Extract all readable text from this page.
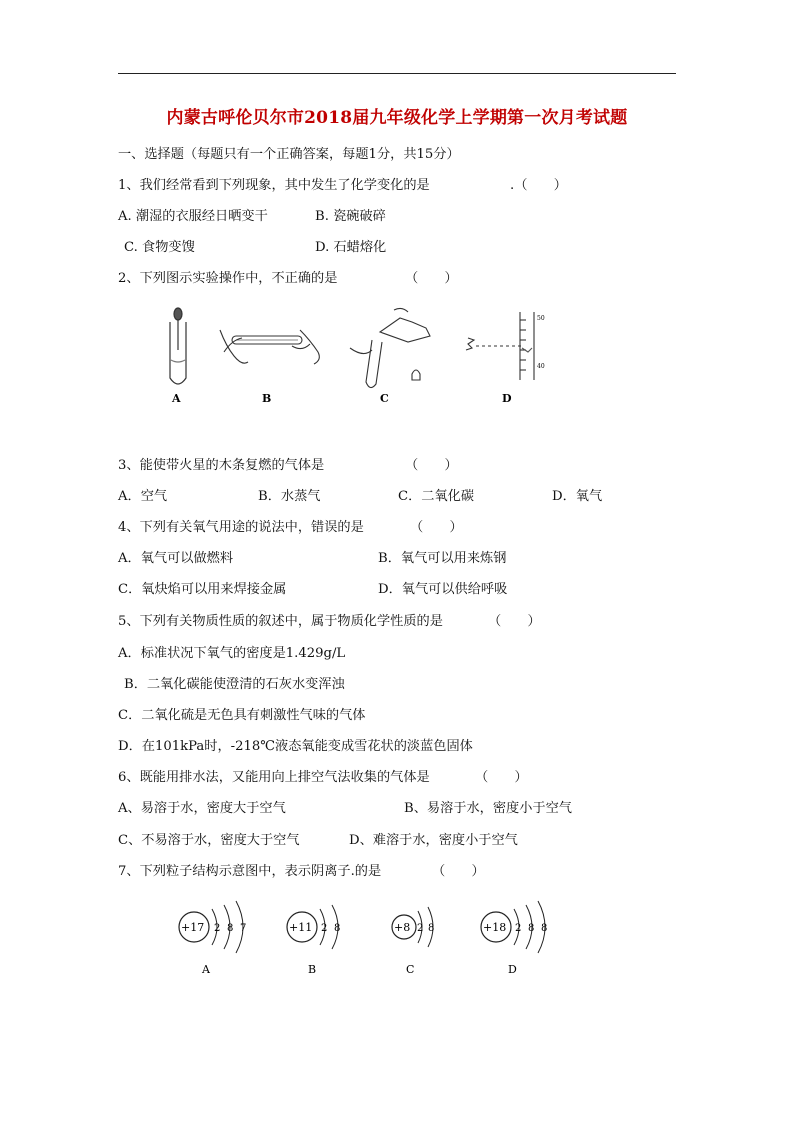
内蒙古呼伦贝尔市2018届九年级化学上学期第一次月考试题
一、选择题（每题只有一个正确答案，每题1分，共15分）
1、我们经常看到下列现象，其中发生了化学变化的是	.（　　）
A. 潮湿的衣服经日晒变干	B. 瓷碗破碎
C. 食物变馊	D. 石蜡熔化
2、下列图示实验操作中，不正确的是	（　　）
A	B	C
50
40
D
3、能使带火星的木条复燃的气体是	（　　）
A．空气	B．水蒸气	C．二氧化碳	D．氧气
4、下列有关氧气用途的说法中，错误的是	（　　）
A．氧气可以做燃料	B．氧气可以用来炼钢
C．氧炔焰可以用来焊接金属	D．氧气可以供给呼吸
5、下列有关物质性质的叙述中，属于物质化学性质的是	（　　）
A．标准状况下氧气的密度是1.429g/L
B．二氧化碳能使澄清的石灰水变浑浊
C．二氧化硫是无色具有刺激性气味的气体
D．在101kPa时，-218℃液态氧能变成雪花状的淡蓝色固体
6、既能用排水法，又能用向上排空气法收集的气体是	（　　）
A、易溶于水，密度大于空气	B、易溶于水，密度小于空气
C、不易溶于水，密度大于空气	D、难溶于水，密度小于空气
7、下列粒子结构示意图中，表示阴离子.的是	（　　）
+17 2 8 7
A
+11 2 8
B
+8 2 8
C
+18 2 8 8
D
